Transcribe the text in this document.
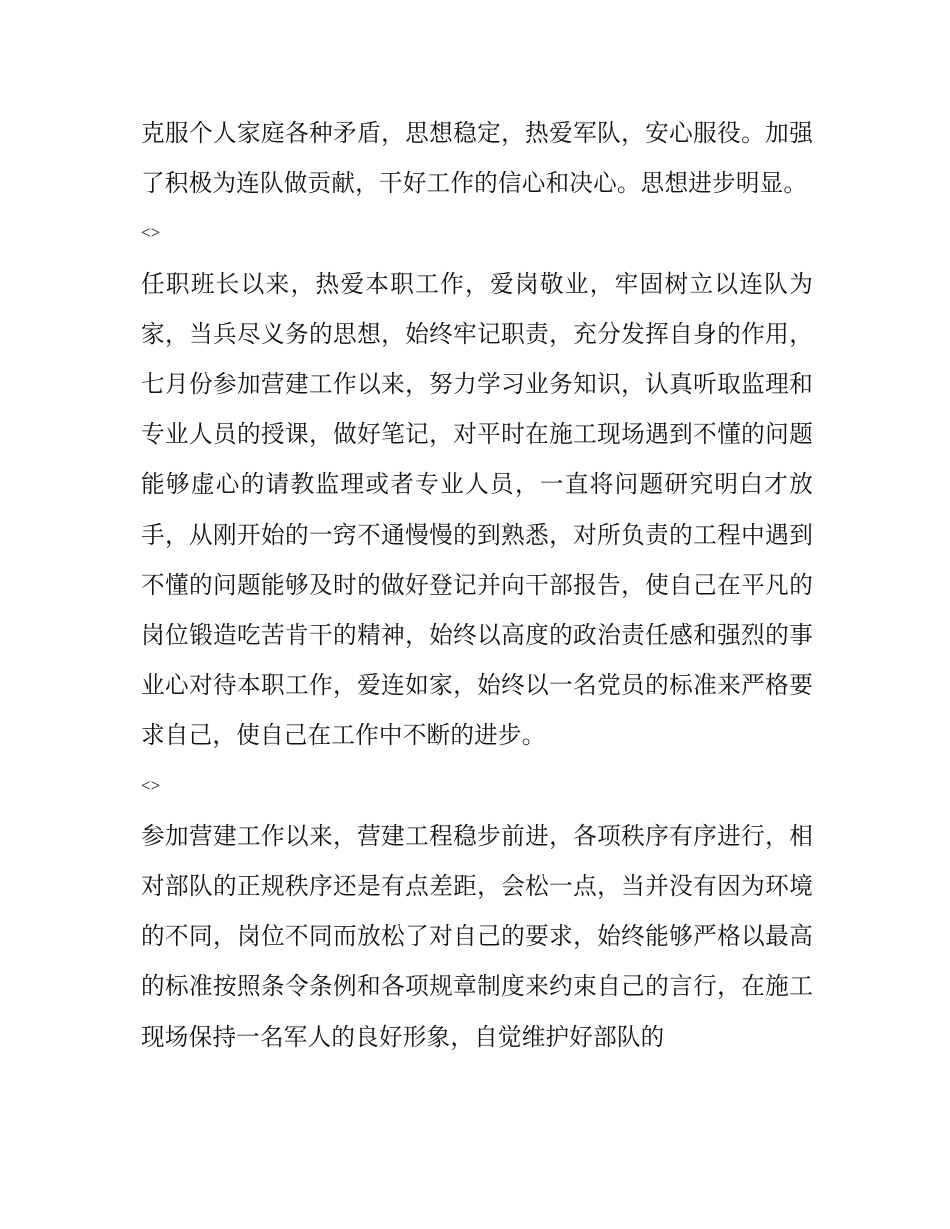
克服个人家庭各种矛盾，思想稳定，热爱军队，安心服役。加强了积极为连队做贡献，干好工作的信心和决心。思想进步明显。

<>

任职班长以来，热爱本职工作，爱岗敬业，牢固树立以连队为家，当兵尽义务的思想，始终牢记职责，充分发挥自身的作用，七月份参加营建工作以来，努力学习业务知识，认真听取监理和专业人员的授课，做好笔记，对平时在施工现场遇到不懂的问题能够虚心的请教监理或者专业人员，一直将问题研究明白才放手，从刚开始的一窍不通慢慢的到熟悉，对所负责的工程中遇到不懂的问题能够及时的做好登记并向干部报告，使自己在平凡的岗位锻造吃苦肯干的精神，始终以高度的政治责任感和强烈的事业心对待本职工作，爱连如家，始终以一名党员的标准来严格要求自己，使自己在工作中不断的进步。

<>

参加营建工作以来，营建工程稳步前进，各项秩序有序进行，相对部队的正规秩序还是有点差距，会松一点，当并没有因为环境的不同，岗位不同而放松了对自己的要求，始终能够严格以最高的标准按照条令条例和各项规章制度来约束自己的言行，在施工现场保持一名军人的良好形象，自觉维护好部队的
